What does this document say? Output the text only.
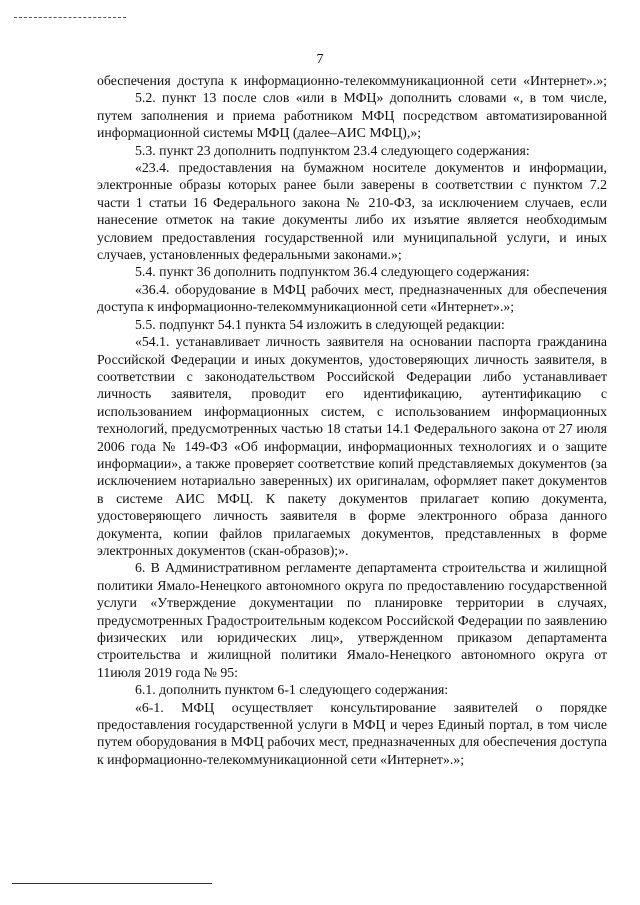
7

обеспечения доступа к информационно-телекоммуникационной сети «Интернет».»;

5.2. пункт 13 после слов «или в МФЦ» дополнить словами «, в том числе, путем заполнения и приема работником МФЦ посредством автоматизированной информационной системы МФЦ (далее–АИС МФЦ),»;

5.3. пункт 23 дополнить подпунктом 23.4 следующего содержания:

«23.4. предоставления на бумажном носителе документов и информации, электронные образы которых ранее были заверены в соответствии с пунктом 7.2 части 1 статьи 16 Федерального закона № 210-ФЗ, за исключением случаев, если нанесение отметок на такие документы либо их изъятие является необходимым условием предоставления государственной или муниципальной услуги, и иных случаев, установленных федеральными законами.»;

5.4. пункт 36 дополнить подпунктом 36.4 следующего содержания:

«36.4. оборудование в МФЦ рабочих мест, предназначенных для обеспечения доступа к информационно-телекоммуникационной сети «Интернет».»;

5.5. подпункт 54.1 пункта 54 изложить в следующей редакции:

«54.1. устанавливает личность заявителя на основании паспорта гражданина Российской Федерации и иных документов, удостоверяющих личность заявителя, в соответствии с законодательством Российской Федерации либо устанавливает личность заявителя, проводит его идентификацию, аутентификацию с использованием информационных систем, с использованием информационных технологий, предусмотренных частью 18 статьи 14.1 Федерального закона от 27 июля 2006 года № 149-ФЗ «Об информации, информационных технологиях и о защите информации», а также проверяет соответствие копий представляемых документов (за исключением нотариально заверенных) их оригиналам, оформляет пакет документов в системе АИС МФЦ. К пакету документов прилагает копию документа, удостоверяющего личность заявителя в форме электронного образа данного документа, копии файлов прилагаемых документов, представленных в форме электронных документов (скан-образов);».

6. В Административном регламенте департамента строительства и жилищной политики Ямало-Ненецкого автономного округа по предоставлению государственной услуги «Утверждение документации по планировке территории в случаях, предусмотренных Градостроительным кодексом Российской Федерации по заявлению физических или юридических лиц», утвержденном приказом департамента строительства и жилищной политики Ямало-Ненецкого автономного округа от 11июля 2019 года № 95:

6.1. дополнить пунктом 6-1 следующего содержания:

«6-1. МФЦ осуществляет консультирование заявителей о порядке предоставления государственной услуги в МФЦ и через Единый портал, в том числе путем оборудования в МФЦ рабочих мест, предназначенных для обеспечения доступа к информационно-телекоммуникационной сети «Интернет».»;
